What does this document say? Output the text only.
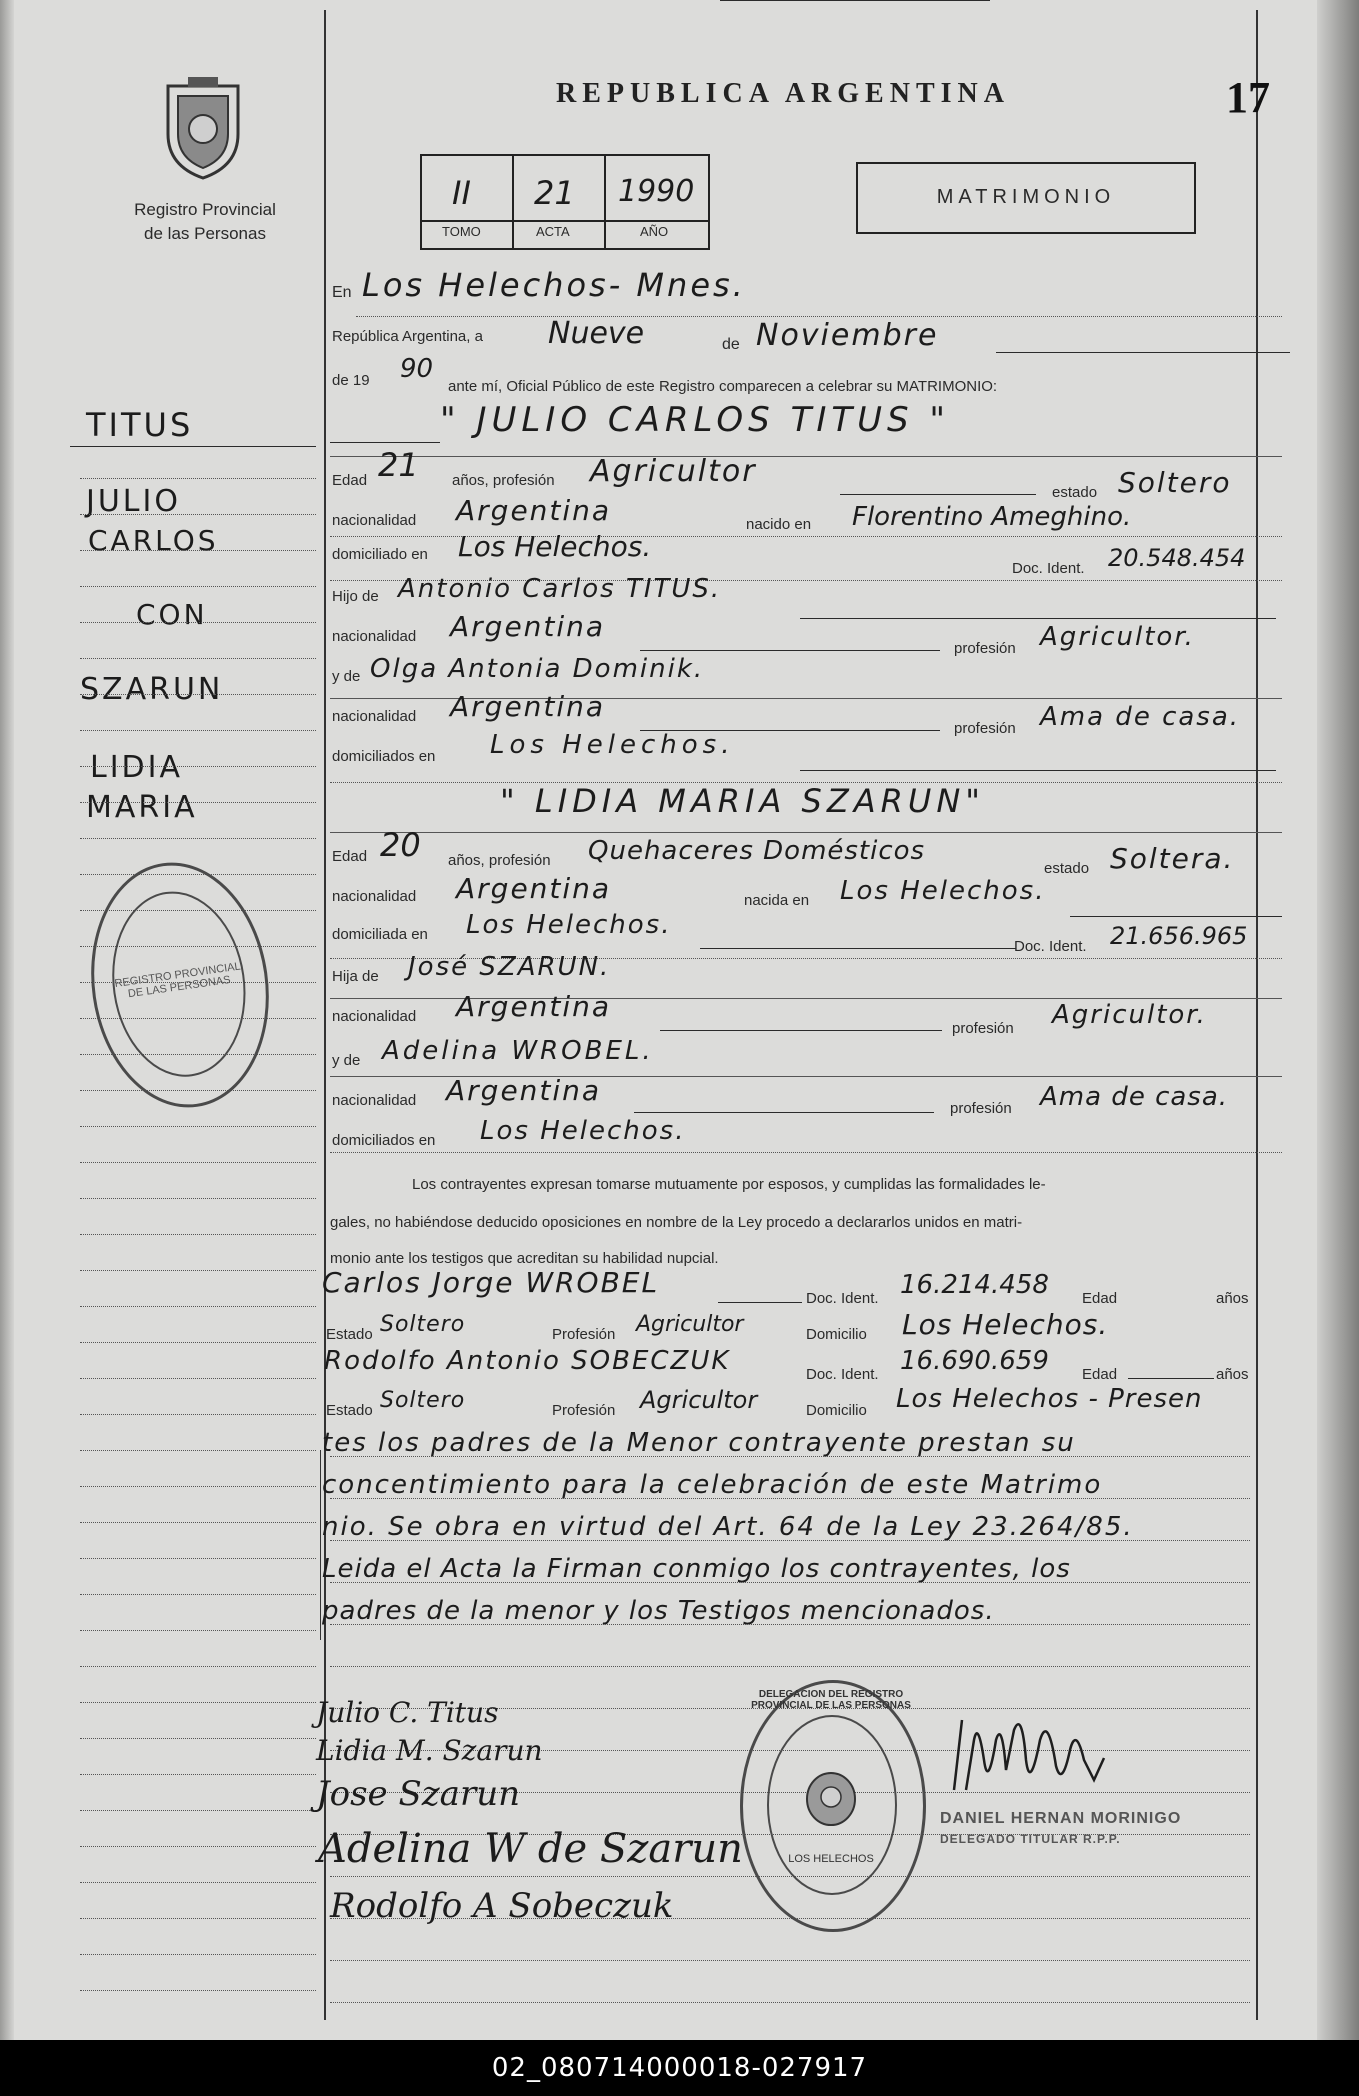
Registro Provincial
de las Personas
REPUBLICA ARGENTINA	17
II 21 1990
TOMO	ACTA	AÑO
MATRIMONIO
TITUS
JULIO
CARLOS
CON
SZARUN
LIDIA
MARIA
REGISTRO PROVINCIAL DE LAS PERSONAS
En Los Helechos- Mnes.
República Argentina, a Nueve	de Noviembre
de 19 90
ante mí, Oficial Público de este Registro comparecen a celebrar su MATRIMONIO:
" JULIO CARLOS TITUS "
Edad 21 años, profesión Agricultor
estado Soltero
nacionalidad Argentina	nacido en Florentino Ameghino.
domiciliado en Los Helechos.
Doc. Ident. 20.548.454
Hijo de Antonio Carlos TITUS.
nacionalidad Argentina
profesión Agricultor.
y de Olga Antonia Dominik.
nacionalidad Argentina
profesión Ama de casa.
domiciliados en Los Helechos.
" LIDIA MARIA SZARUN"
Edad 20 años, profesión Quehaceres Domésticos
estado Soltera.
nacionalidad Argentina	nacida en Los Helechos.
domiciliada en Los Helechos.
Doc. Ident. 21.656.965
Hija de José SZARUN.
nacionalidad Argentina
profesión Agricultor.
y de Adelina WROBEL.
nacionalidad Argentina
profesión Ama de casa.
domiciliados en Los Helechos.
Los contrayentes expresan tomarse mutuamente por esposos, y cumplidas las formalidades le-
gales, no habiéndose deducido oposiciones en nombre de la Ley procedo a declararlos unidos en matri-
monio ante los testigos que acreditan su habilidad nupcial.
Carlos Jorge WROBEL	Doc. Ident. 16.214.458 Edad	años
Estado Soltero	Profesión Agricultor	Domicilio Los Helechos.
Rodolfo Antonio SOBECZUK	Doc. Ident. 16.690.659 Edad	años
Estado Soltero	Profesión Agricultor	Domicilio Los Helechos - Presen
tes los padres de la Menor contrayente prestan su
concentimiento para la celebración de este Matrimo
nio. Se obra en virtud del Art. 64 de la Ley 23.264/85.
Leida el Acta la Firman conmigo los contrayentes, los
padres de la menor y los Testigos mencionados.
Julio C. Titus
Lidia M. Szarun
Jose Szarun
Adelina W de Szarun
Rodolfo A Sobeczuk
DELEGACION DEL REGISTRO PROVINCIAL DE LAS PERSONAS
LOS HELECHOS
DANIEL HERNAN MORINIGO
DELEGADO TITULAR R.P.P.
02_080714000018-027917
